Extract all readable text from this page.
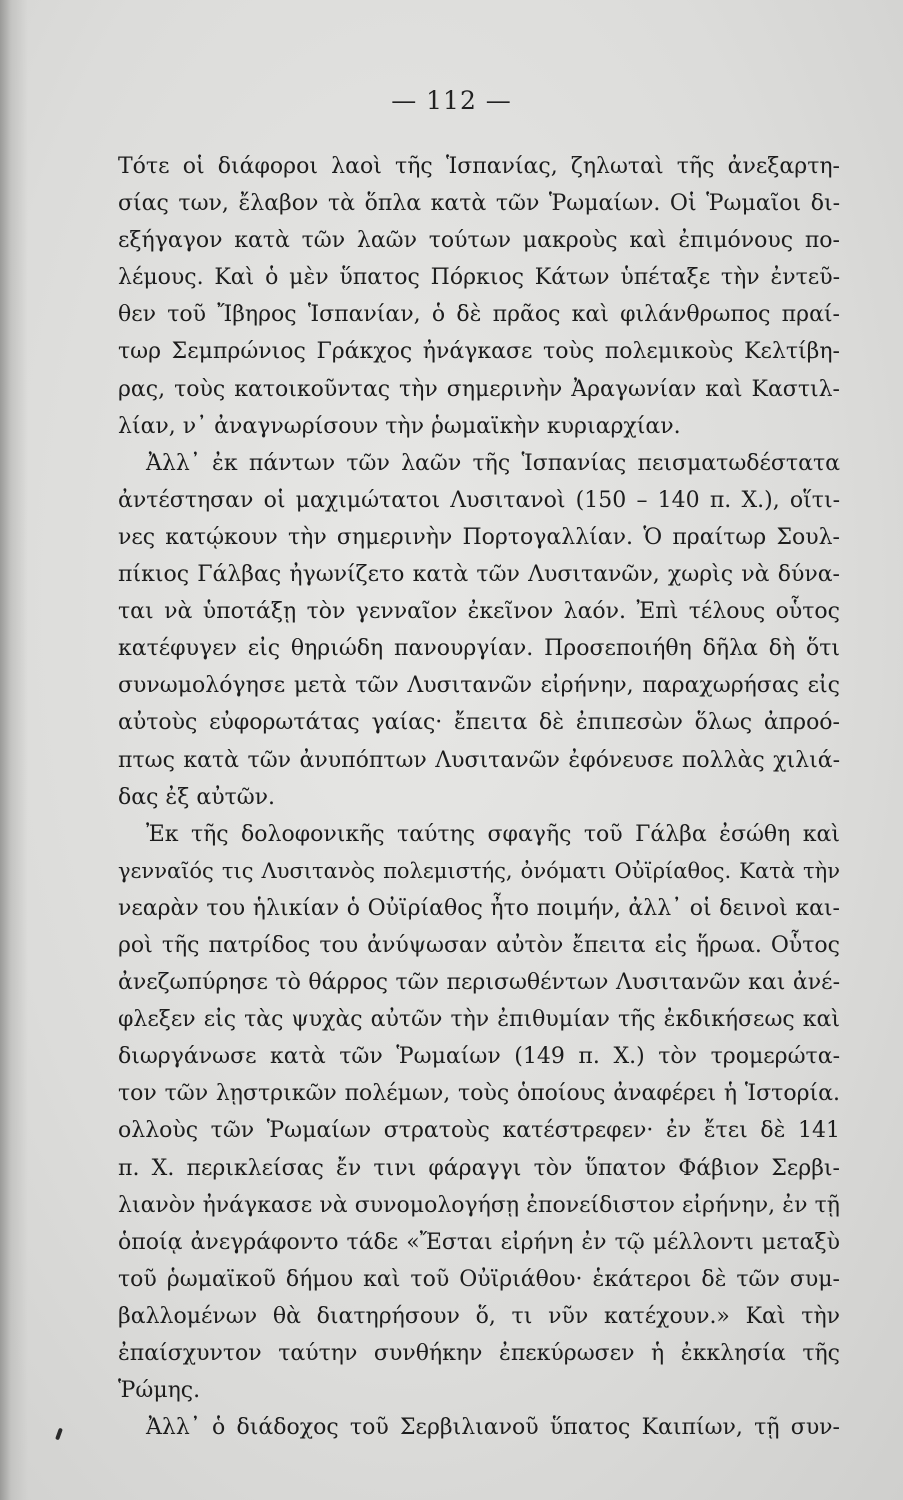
— 112 —
Τότε οἱ διάφοροι λαοὶ τῆς Ἱσπανίας, ζηλωταὶ τῆς ἀνεξαρτη-
σίας των, ἔλαβον τὰ ὅπλα κατὰ τῶν Ῥωμαίων. Οἱ Ῥωμαῖοι δι-
εξήγαγον κατὰ τῶν λαῶν τούτων μακροὺς καὶ ἐπιμόνους πο-
λέμους. Καὶ ὁ μὲν ὕπατος Πόρκιος Κάτων ὑπέταξε τὴν ἐντεῦ-
θεν τοῦ Ἴβηρος Ἱσπανίαν, ὁ δὲ πρᾶος καὶ φιλάνθρωπος πραί-
τωρ Σεμπρώνιος Γράκχος ἠνάγκασε τοὺς πολεμικοὺς Κελτίβη-
ρας, τοὺς κατοικοῦντας τὴν σημερινὴν Ἀραγωνίαν καὶ Καστιλ-
λίαν, ν᾽ ἀναγνωρίσουν τὴν ῥωμαϊκὴν κυριαρχίαν.
Ἀλλ᾽ ἐκ πάντων τῶν λαῶν τῆς Ἱσπανίας πεισματωδέστατα
ἀντέστησαν οἱ μαχιμώτατοι Λυσιτανοὶ (150 – 140 π. Χ.), οἵτι-
νες κατῴκουν τὴν σημερινὴν Πορτογαλλίαν. Ὁ πραίτωρ Σουλ-
πίκιος Γάλβας ἠγωνίζετο κατὰ τῶν Λυσιτανῶν, χωρὶς νὰ δύνα-
ται νὰ ὑποτάξῃ τὸν γενναῖον ἐκεῖνον λαόν. Ἐπὶ τέλους οὗτος
κατέφυγεν εἰς θηριώδη πανουργίαν. Προσεποιήθη δῆλα δὴ ὅτι
συνωμολόγησε μετὰ τῶν Λυσιτανῶν εἰρήνην, παραχωρήσας εἰς
αὐτοὺς εὐφορωτάτας γαίας· ἔπειτα δὲ ἐπιπεσὼν ὅλως ἀπροό-
πτως κατὰ τῶν ἀνυπόπτων Λυσιτανῶν ἐφόνευσε πολλὰς χιλιά-
δας ἐξ αὐτῶν.
Ἐκ τῆς δολοφονικῆς ταύτης σφαγῆς τοῦ Γάλβα ἐσώθη καὶ
γενναῖός τις Λυσιτανὸς πολεμιστής, ὀνόματι Οὐϊρίαθος. Κατὰ τὴν
νεαρὰν του ἡλικίαν ὁ Οὐϊρίαθος ἦτο ποιμήν, ἀλλ᾽ οἱ δεινοὶ και-
ροὶ τῆς πατρίδος του ἀνύψωσαν αὐτὸν ἔπειτα εἰς ἥρωα. Οὗτος
ἀνεζωπύρησε τὸ θάρρος τῶν περισωθέντων Λυσιτανῶν και ἀνέ-
φλεξεν εἰς τὰς ψυχὰς αὐτῶν τὴν ἐπιθυμίαν τῆς ἐκδικήσεως καὶ
διωργάνωσε κατὰ τῶν Ῥωμαίων (149 π. Χ.) τὸν τρομερώτα-
τον τῶν λῃστρικῶν πολέμων, τοὺς ὁποίους ἀναφέρει ἡ Ἱστορία.
ολλοὺς τῶν Ῥωμαίων στρατοὺς κατέστρεφεν· ἐν ἔτει δὲ 141
π. Χ. περικλείσας ἔν τινι φάραγγι τὸν ὕπατον Φάβιον Σερβι-
λιανὸν ἠνάγκασε νὰ συνομολογήσῃ ἐπονείδιστον εἰρήνην, ἐν τῇ
ὁποίᾳ ἀνεγράφοντο τάδε «Ἔσται εἰρήνη ἐν τῷ μέλλοντι μεταξὺ
τοῦ ῥωμαϊκοῦ δήμου καὶ τοῦ Οὐϊριάθου· ἑκάτεροι δὲ τῶν συμ-
βαλλομένων θὰ διατηρήσουν ὅ, τι νῦν κατέχουν.» Καὶ τὴν
ἐπαίσχυντον ταύτην συνθήκην ἐπεκύρωσεν ἡ ἐκκλησία τῆς
Ῥώμης.
Ἀλλ᾽ ὁ διάδοχος τοῦ Σερβιλιανοῦ ὕπατος Καιπίων, τῇ συν-
